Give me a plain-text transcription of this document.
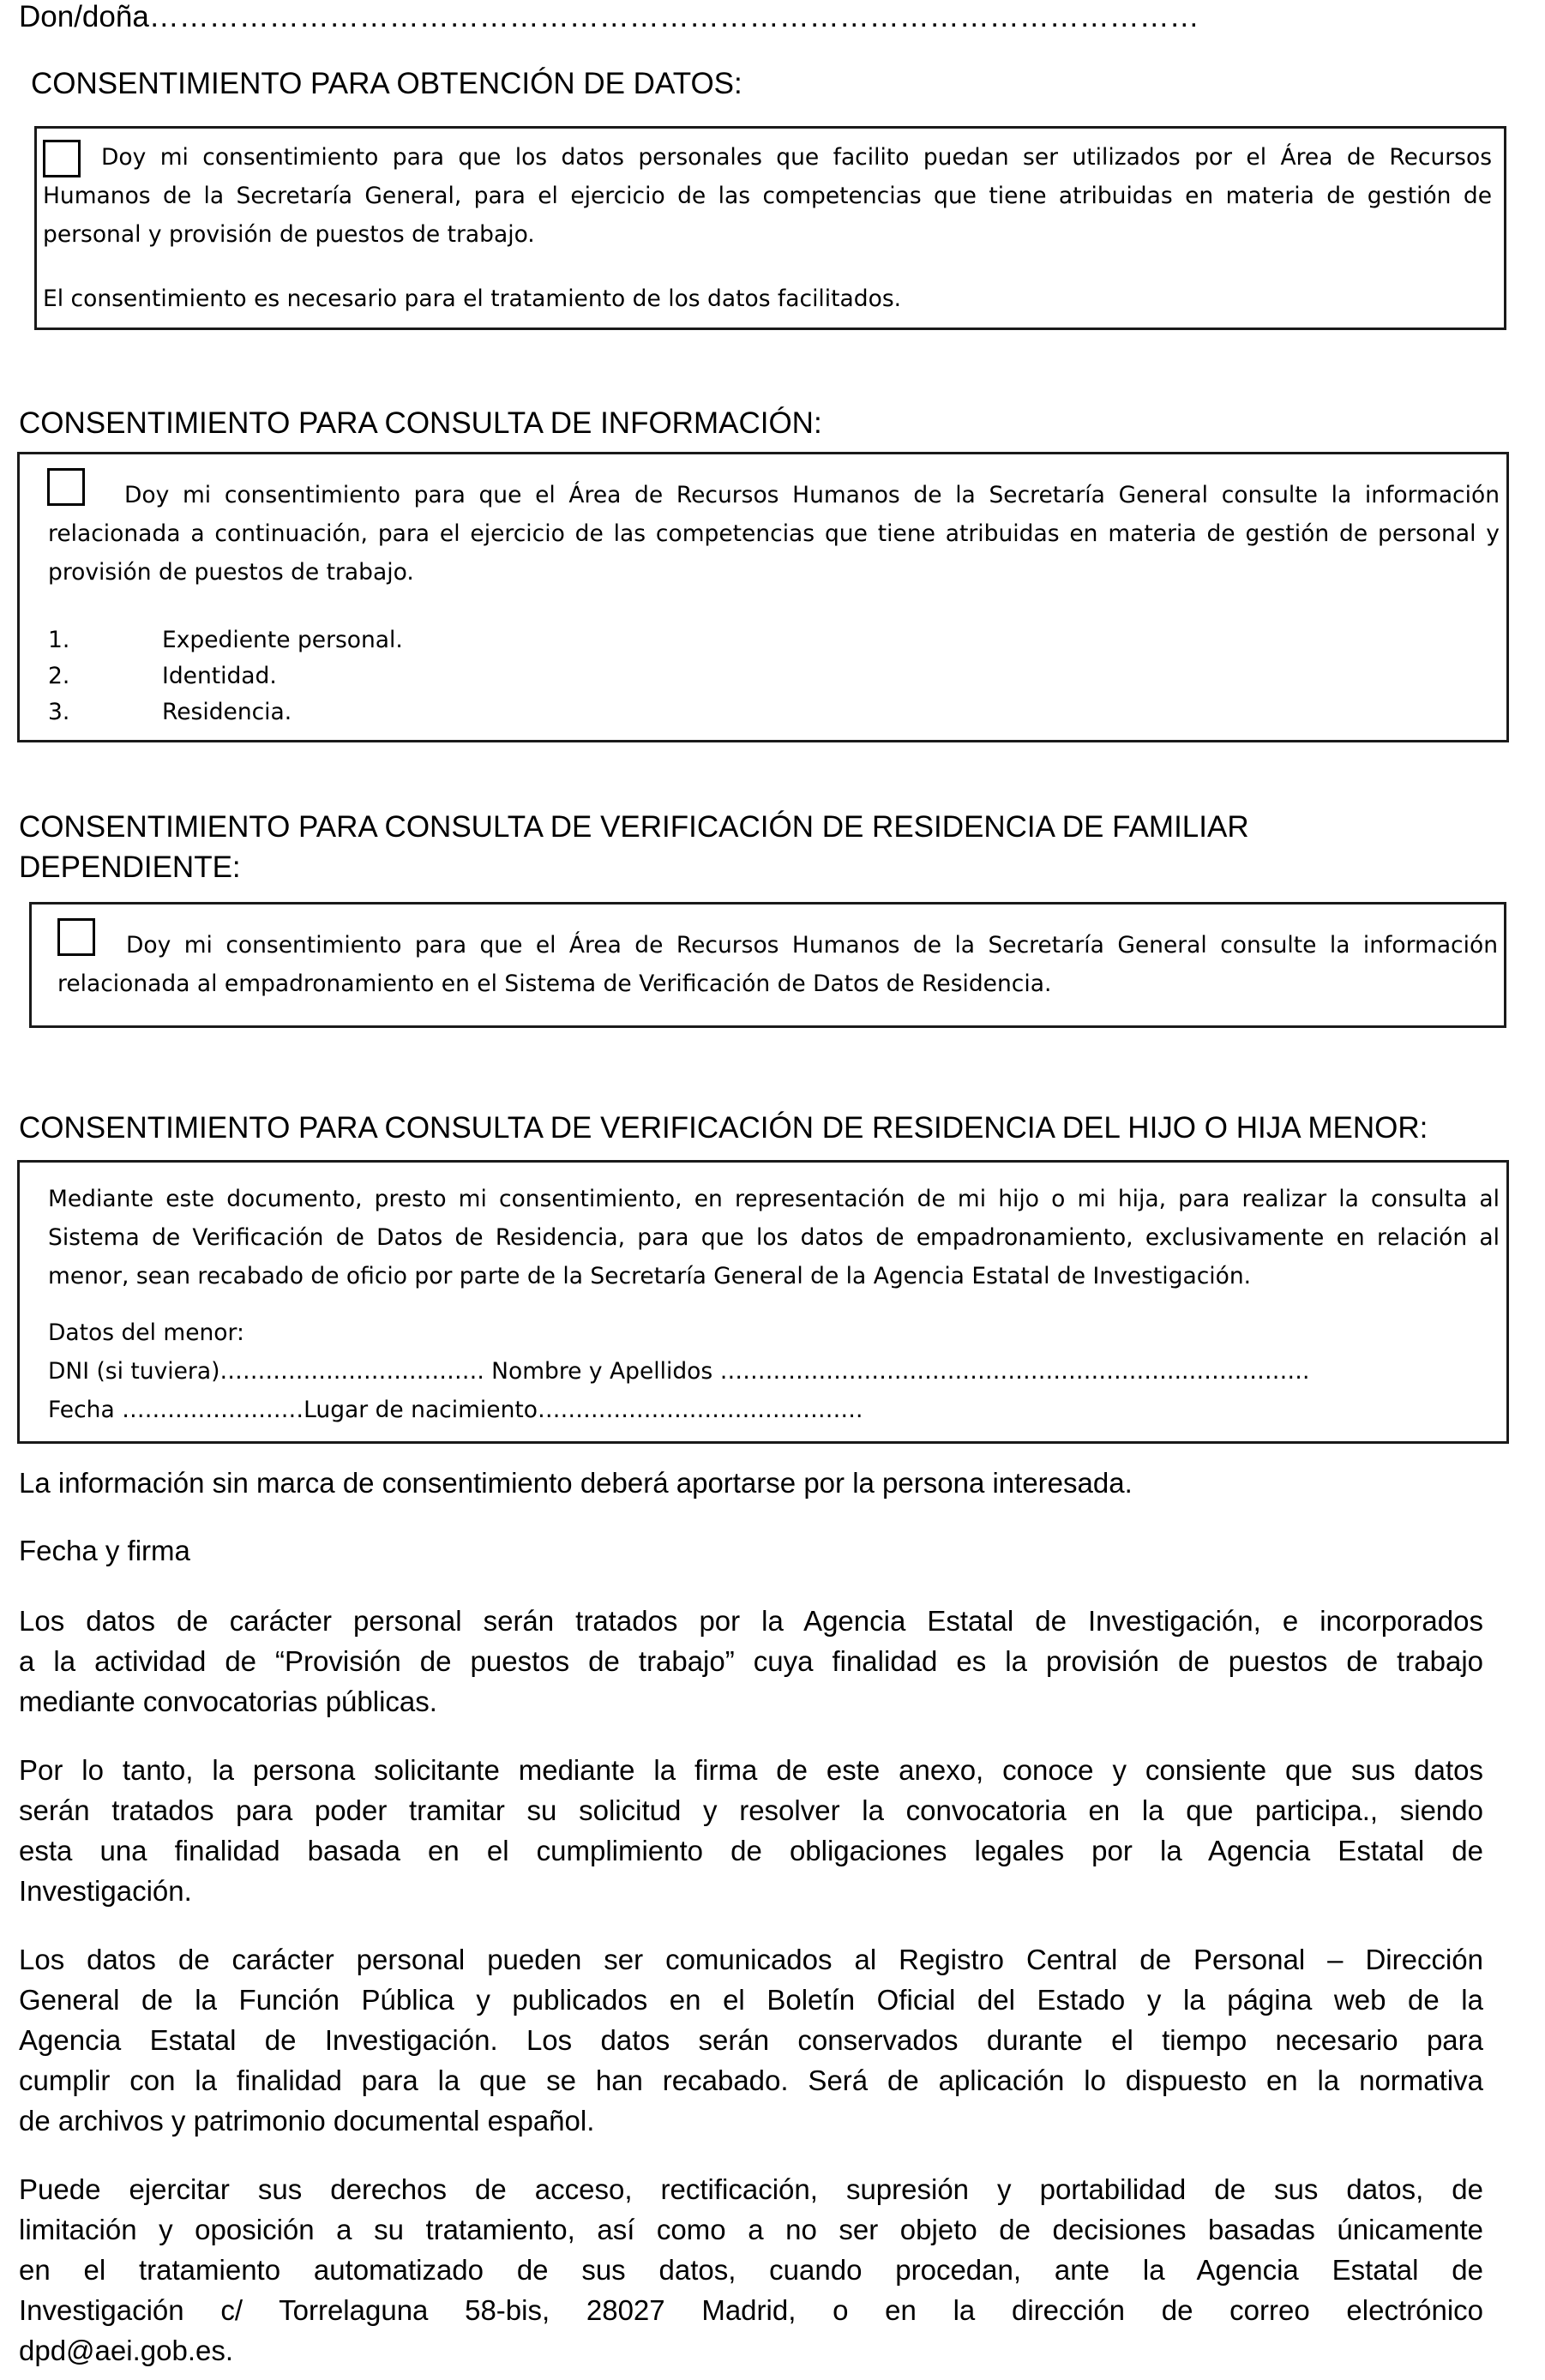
Don/doña……………………………………………………………………………………………
CONSENTIMIENTO PARA OBTENCIÓN DE DATOS:
Doy mi consentimiento para que los datos personales que facilito puedan ser utilizados por el Área de Recursos
Humanos de la Secretaría General, para el ejercicio de las competencias que tiene atribuidas en materia de gestión de
personal y provisión de puestos de trabajo.
El consentimiento es necesario para el tratamiento de los datos facilitados.
CONSENTIMIENTO PARA CONSULTA DE INFORMACIÓN:
Doy mi consentimiento para que el Área de Recursos Humanos de la Secretaría General consulte la información
relacionada a continuación, para el ejercicio de las competencias que tiene atribuidas en materia de gestión de personal y
provisión de puestos de trabajo.
1.	Expediente personal.
2.	Identidad.
3.	Residencia.
CONSENTIMIENTO PARA CONSULTA DE VERIFICACIÓN DE RESIDENCIA DE FAMILIAR
DEPENDIENTE:
Doy mi consentimiento para que el Área de Recursos Humanos de la Secretaría General consulte la información
relacionada al empadronamiento en el Sistema de Verificación de Datos de Residencia.
CONSENTIMIENTO PARA CONSULTA DE VERIFICACIÓN DE RESIDENCIA DEL HIJO O HIJA MENOR:
Mediante este documento, presto mi consentimiento, en representación de mi hijo o mi hija, para realizar la consulta al
Sistema de Verificación de Datos de Residencia, para que los datos de empadronamiento, exclusivamente en relación al
menor, sean recabado de oficio por parte de la Secretaría General de la Agencia Estatal de Investigación.
Datos del menor:
DNI (si tuviera)…………….………………. Nombre y Apellidos ……………………………………………………..…………….
Fecha ……………………Lugar de nacimiento…………………………………….
La información sin marca de consentimiento deberá aportarse por la persona interesada.
Fecha y firma
Los datos de carácter personal serán tratados por la Agencia Estatal de Investigación, e incorporados
a la actividad de “Provisión de puestos de trabajo” cuya finalidad es la provisión de puestos de trabajo
mediante convocatorias públicas.
Por lo tanto, la persona solicitante mediante la firma de este anexo, conoce y consiente que sus datos
serán tratados para poder tramitar su solicitud y resolver la convocatoria en la que participa., siendo
esta una finalidad basada en el cumplimiento de obligaciones legales por la Agencia Estatal de
Investigación.
Los datos de carácter personal pueden ser comunicados al Registro Central de Personal – Dirección
General de la Función Pública y publicados en el Boletín Oficial del Estado y la página web de la
Agencia Estatal de Investigación. Los datos serán conservados durante el tiempo necesario para
cumplir con la finalidad para la que se han recabado. Será de aplicación lo dispuesto en la normativa
de archivos y patrimonio documental español.
Puede ejercitar sus derechos de acceso, rectificación, supresión y portabilidad de sus datos, de
limitación y oposición a su tratamiento, así como a no ser objeto de decisiones basadas únicamente
en el tratamiento automatizado de sus datos, cuando procedan, ante la Agencia Estatal de
Investigación c/ Torrelaguna 58-bis, 28027 Madrid, o en la dirección de correo electrónico
dpd@aei.gob.es.
